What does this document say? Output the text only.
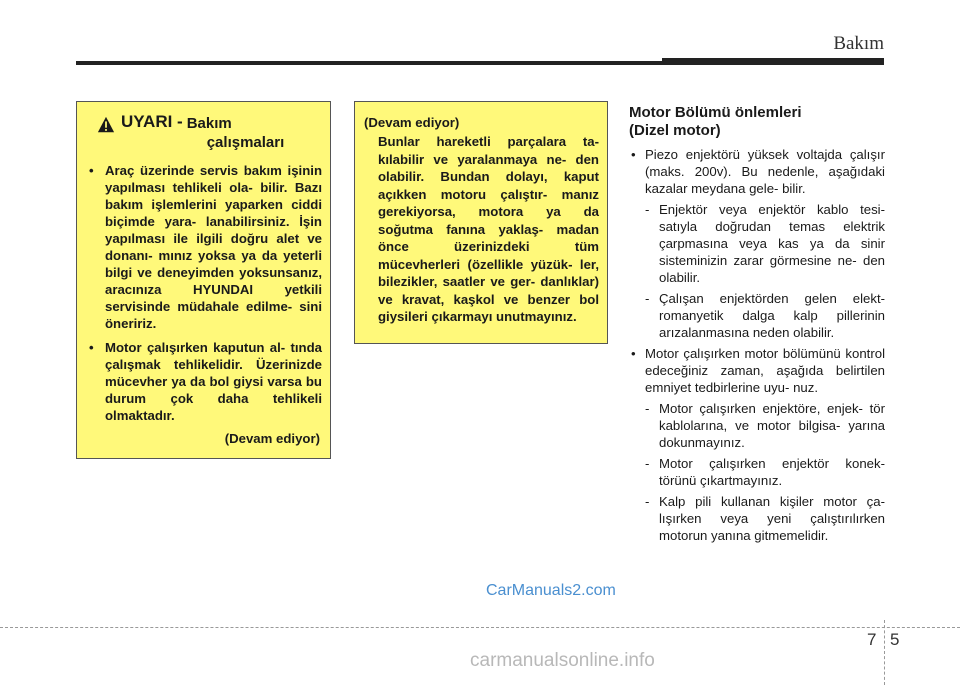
Bakım
UYARI - Bakım
çalışmaları
• Araç üzerinde servis bakım işinin yapılması tehlikeli ola- bilir. Bazı bakım işlemlerini yaparken ciddi biçimde yara- lanabilirsiniz. İşin yapılması ile ilgili doğru alet ve donanı- mınız yoksa ya da yeterli bilgi ve deneyimden yoksunsanız, aracınıza HYUNDAI yetkili servisinde müdahale edilme- sini öneririz.
• Motor çalışırken kaputun al- tında çalışmak tehlikelidir. Üzerinizde mücevher ya da bol giysi varsa bu durum çok daha tehlikeli olmaktadır.
(Devam ediyor)
(Devam ediyor)

Bunlar hareketli parçalara ta- kılabilir ve yaralanmaya ne- den olabilir. Bundan dolayı, kaput açıkken motoru çalıştır- manız gerekiyorsa, motora ya da soğutma fanına yaklaş- madan önce üzerinizdeki tüm mücevherleri (özellikle yüzük- ler, bilezikler, saatler ve ger- danlıklar) ve kravat, kaşkol ve benzer bol giysileri çıkarmayı unutmayınız.

Motor Bölümü önlemleri
(Dizel motor)
• Piezo enjektörü yüksek voltajda çalışır (maks. 200v). Bu nedenle, aşağıdaki kazalar meydana gele- bilir.
- Enjektör veya enjektör kablo tesi- satıyla doğrudan temas elektrik çarpmasına veya kas ya da sinir sisteminizin zarar görmesine ne- den olabilir.
- Çalışan enjektörden gelen elekt- romanyetik dalga kalp pillerinin arızalanmasına neden olabilir.
• Motor çalışırken motor bölümünü kontrol edeceğiniz zaman, aşağıda belirtilen emniyet tedbirlerine uyu- nuz.
- Motor çalışırken enjektöre, enjek- tör kablolarına, ve motor bilgisa- yarına dokunmayınız.
- Motor çalışırken enjektör konek- törünü çıkartmayınız.
- Kalp pili kullanan kişiler motor ça- lışırken veya yeni çalıştırılırken motorun yanına gitmemelidir.
CarManuals2.com
7 5
carmanualsonline.info
